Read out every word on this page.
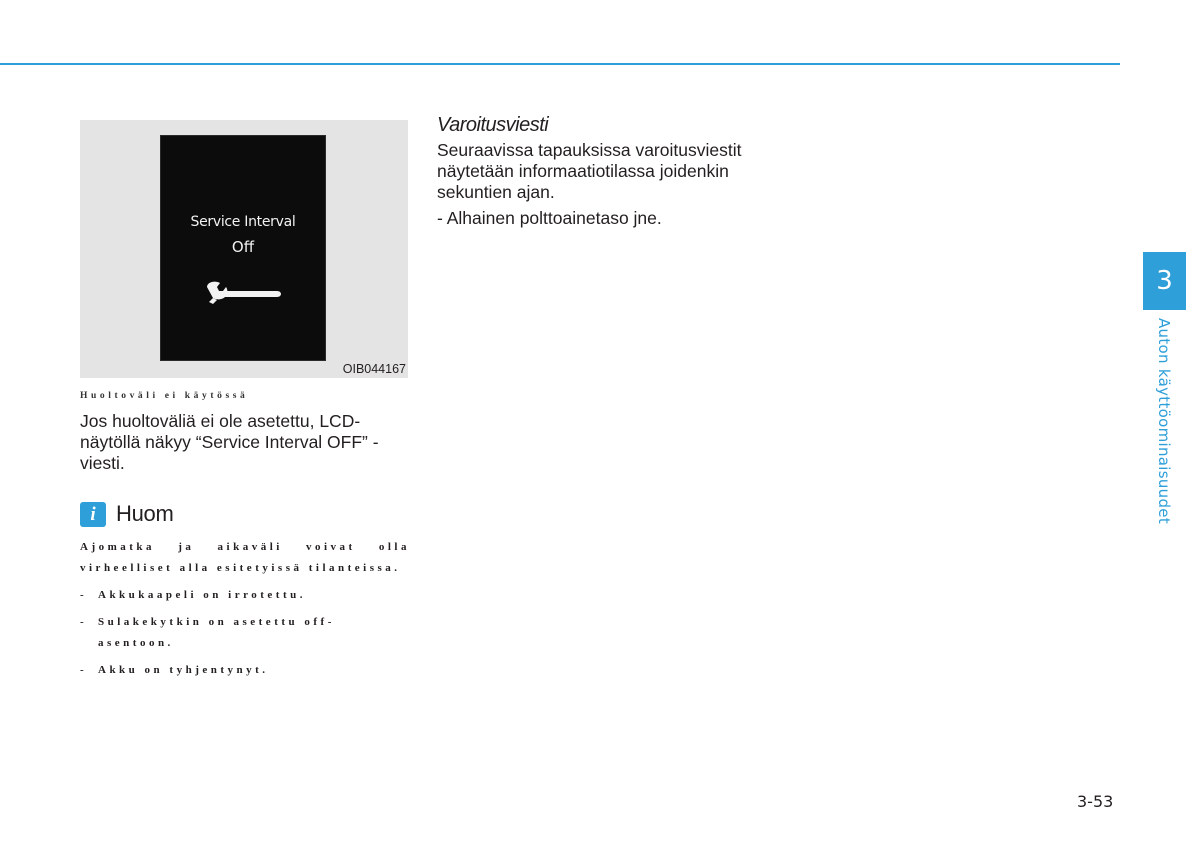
Service Interval
Off
OIB044167
Huoltoväli ei käytössä
Jos huoltoväliä ei ole asetettu, LCD-näytöllä näkyy “Service Interval OFF” -viesti.
i Huom
Ajomatka ja aikaväli voivat olla virheelliset alla esitetyissä tilanteissa.
- Akkukaapeli on irrotettu.
- Sulakekytkin on asetettu off-asentoon.
- Akku on tyhjentynyt.
Varoitusviesti

Seuraavissa tapauksissa varoitusviestit näytetään informaatiotilassa joidenkin sekuntien ajan.

- Alhainen polttoainetaso jne.

3
Auton käyttöominaisuudet
3-53
